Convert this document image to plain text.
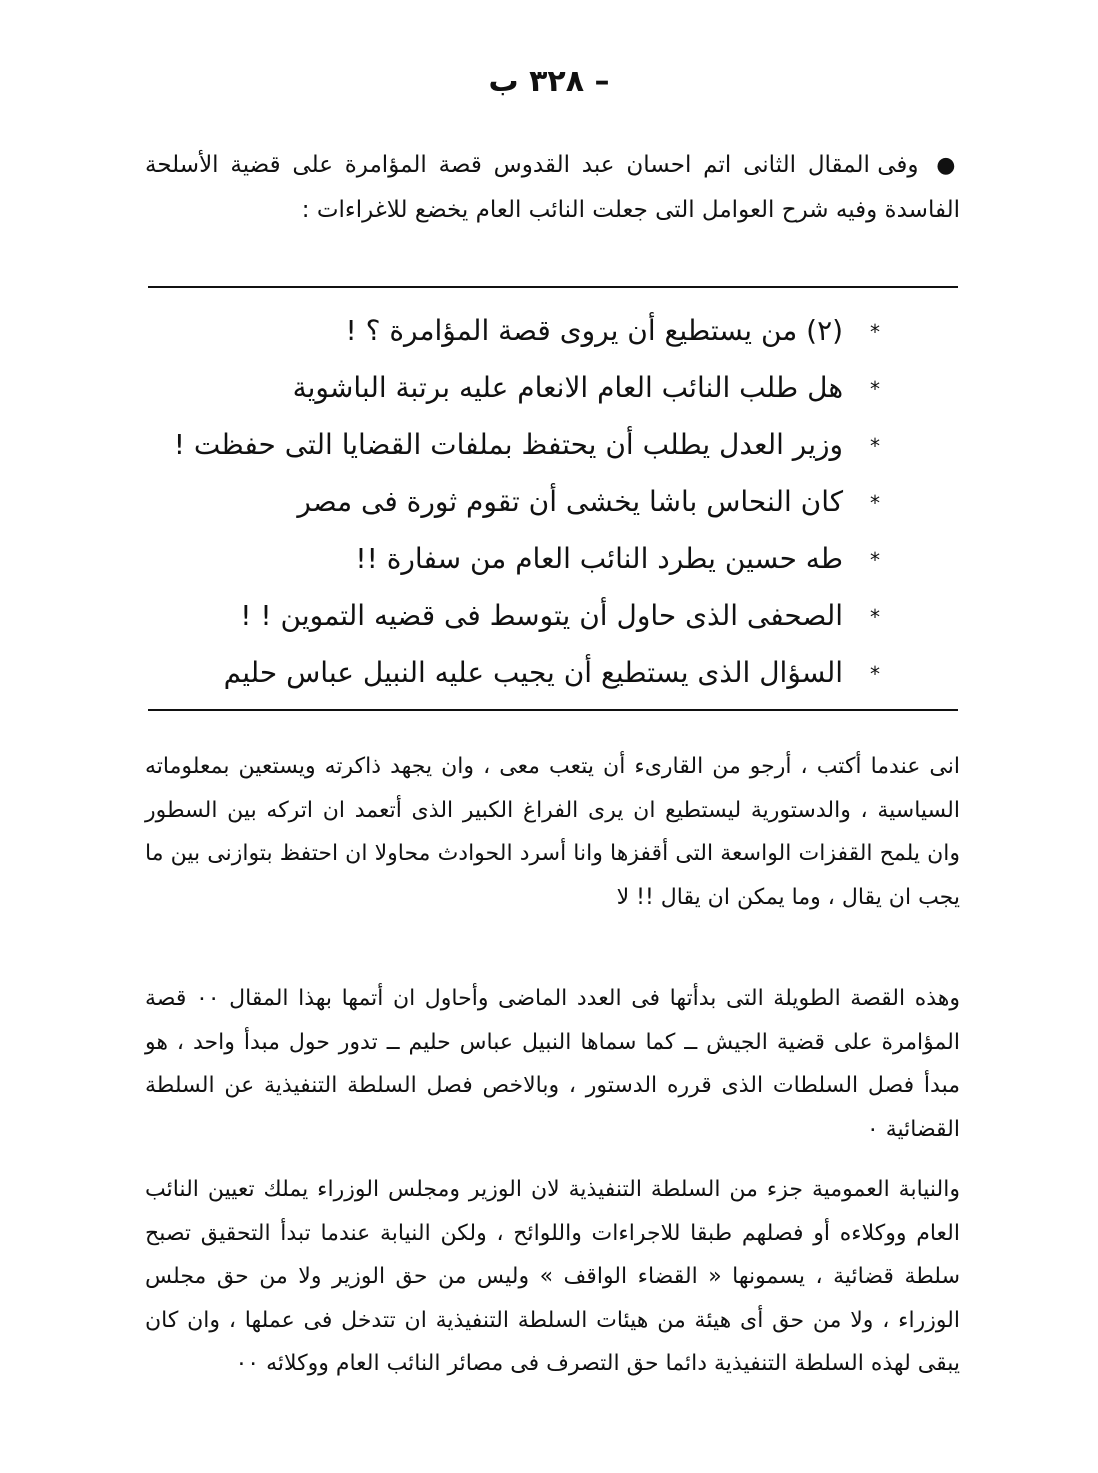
– ٣٢٨ ب
● وفى المقال الثانى اتم احسان عبد القدوس قصة المؤامرة على قضية الأسلحة الفاسدة وفيه شرح العوامل التى جعلت النائب العام يخضع للاغراءات :
* (٢) من يستطيع أن يروى قصة المؤامرة ؟ !
* هل طلب النائب العام الانعام عليه برتبة الباشوية
* وزير العدل يطلب أن يحتفظ بملفات القضايا التى حفظت !
* كان النحاس باشا يخشى أن تقوم ثورة فى مصر
* طه حسين يطرد النائب العام من سفارة !!
* الصحفى الذى حاول أن يتوسط فى قضيه التموين ! !
* السؤال الذى يستطيع أن يجيب عليه النبيل عباس حليم

انى عندما أكتب ، أرجو من القارىء أن يتعب معى ، وان يجهد ذاكرته ويستعين بمعلوماته السياسية ، والدستورية ليستطيع ان يرى الفراغ الكبير الذى أتعمد ان اتركه بين السطور وان يلمح القفزات الواسعة التى أقفزها وانا أسرد الحوادث محاولا ان احتفظ بتوازنى بين ما يجب ان يقال ، وما يمكن ان يقال !! لا

وهذه القصة الطويلة التى بدأتها فى العدد الماضى وأحاول ان أتمها بهذا المقال ٠٠ قصة المؤامرة على قضية الجيش ــ كما سماها النبيل عباس حليم ــ تدور حول مبدأ واحد ، هو مبدأ فصل السلطات الذى قرره الدستور ، وبالاخص فصل السلطة التنفيذية عن السلطة القضائية ٠

والنيابة العمومية جزء من السلطة التنفيذية لان الوزير ومجلس الوزراء يملك تعيين النائب العام ووكلاءه أو فصلهم طبقا للاجراءات واللوائح ، ولكن النيابة عندما تبدأ التحقيق تصبح سلطة قضائية ، يسمونها « القضاء الواقف » وليس من حق الوزير ولا من حق مجلس الوزراء ، ولا من حق أى هيئة من هيئات السلطة التنفيذية ان تتدخل فى عملها ، وان كان يبقى لهذه السلطة التنفيذية دائما حق التصرف فى مصائر النائب العام ووكلائه ٠٠
